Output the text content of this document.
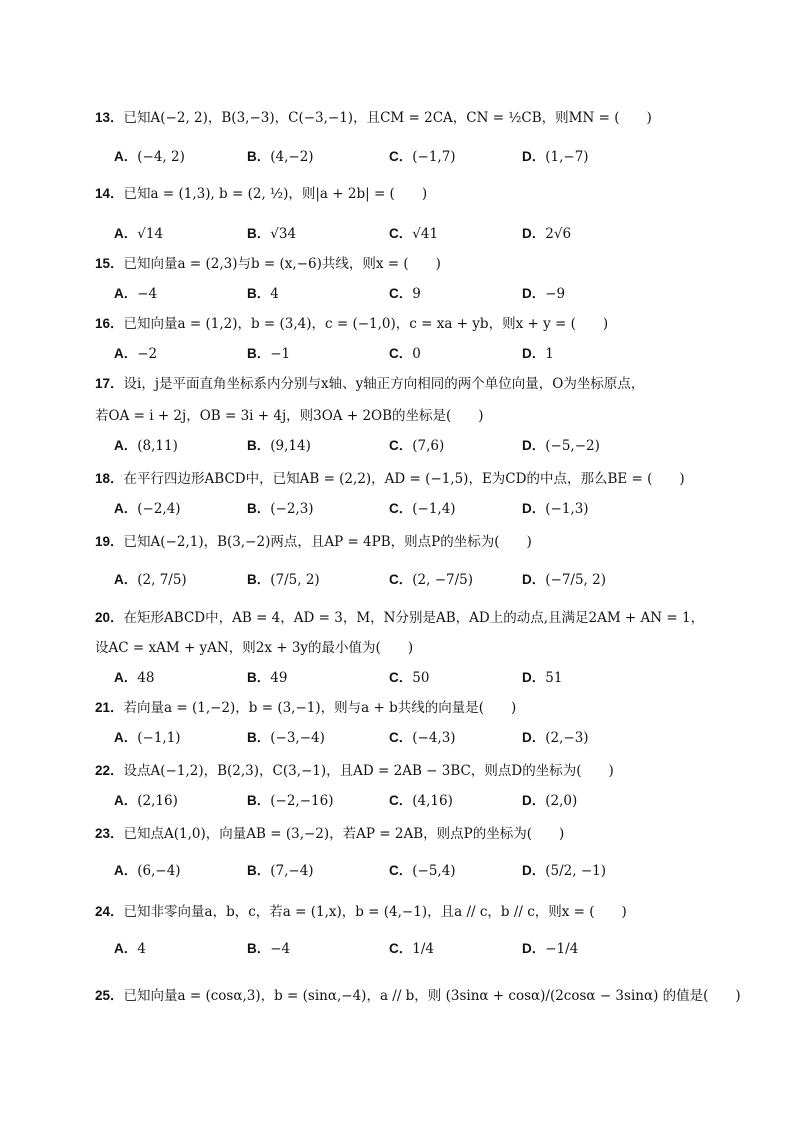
13．已知A(−2, 2)，B(3,−3)，C(−3,−1)，且CM = 2CA，CN = ½CB，则MN = (　　)
A．(−4, 2)	B．(4,−2)	C．(−1,7)	D．(1,−7)
14．已知a = (1,3), b = (2, ½)，则|a + 2b| = (　　)
A．√14	B．√34	C．√41	D．2√6
15．已知向量a = (2,3)与b = (x,−6)共线，则x = (　　)
A．−4	B．4	C．9	D．−9
16．已知向量a = (1,2)，b = (3,4)，c = (−1,0)，c = xa + yb，则x + y = (　　)
A．−2	B．−1	C．0	D．1
17．设i，j是平面直角坐标系内分别与x轴、y轴正方向相同的两个单位向量，O为坐标原点，
若OA = i + 2j，OB = 3i + 4j，则3OA + 2OB的坐标是(　　)
A．(8,11)	B．(9,14)	C．(7,6)	D．(−5,−2)
18．在平行四边形ABCD中，已知AB = (2,2)，AD = (−1,5)，E为CD的中点，那么BE = (　　)
A．(−2,4)	B．(−2,3)	C．(−1,4)	D．(−1,3)
19．已知A(−2,1)，B(3,−2)两点，且AP = 4PB，则点P的坐标为(　　)
A．(2, 7/5)	B．(7/5, 2)	C．(2, −7/5)	D．(−7/5, 2)
20．在矩形ABCD中，AB = 4，AD = 3，M，N分别是AB，AD上的动点,且满足2AM + AN = 1，
设AC = xAM + yAN，则2x + 3y的最小值为(　　)
A．48	B．49	C．50	D．51
21．若向量a = (1,−2)，b = (3,−1)，则与a + b共线的向量是(　　)
A．(−1,1)	B．(−3,−4)	C．(−4,3)	D．(2,−3)
22．设点A(−1,2)，B(2,3)，C(3,−1)，且AD = 2AB − 3BC，则点D的坐标为(　　)
A．(2,16)	B．(−2,−16)	C．(4,16)	D．(2,0)
23．已知点A(1,0)，向量AB = (3,−2)，若AP = 2AB，则点P的坐标为(　　)
A．(6,−4)	B．(7,−4)	C．(−5,4)	D．(5/2, −1)
24．已知非零向量a，b，c，若a = (1,x)，b = (4,−1)，且a // c，b // c，则x = (　　)
A．4	B．−4	C．1/4	D．−1/4
25．已知向量a = (cosα,3)，b = (sinα,−4)，a // b，则 (3sinα + cosα)/(2cosα − 3sinα) 的值是(　　)
